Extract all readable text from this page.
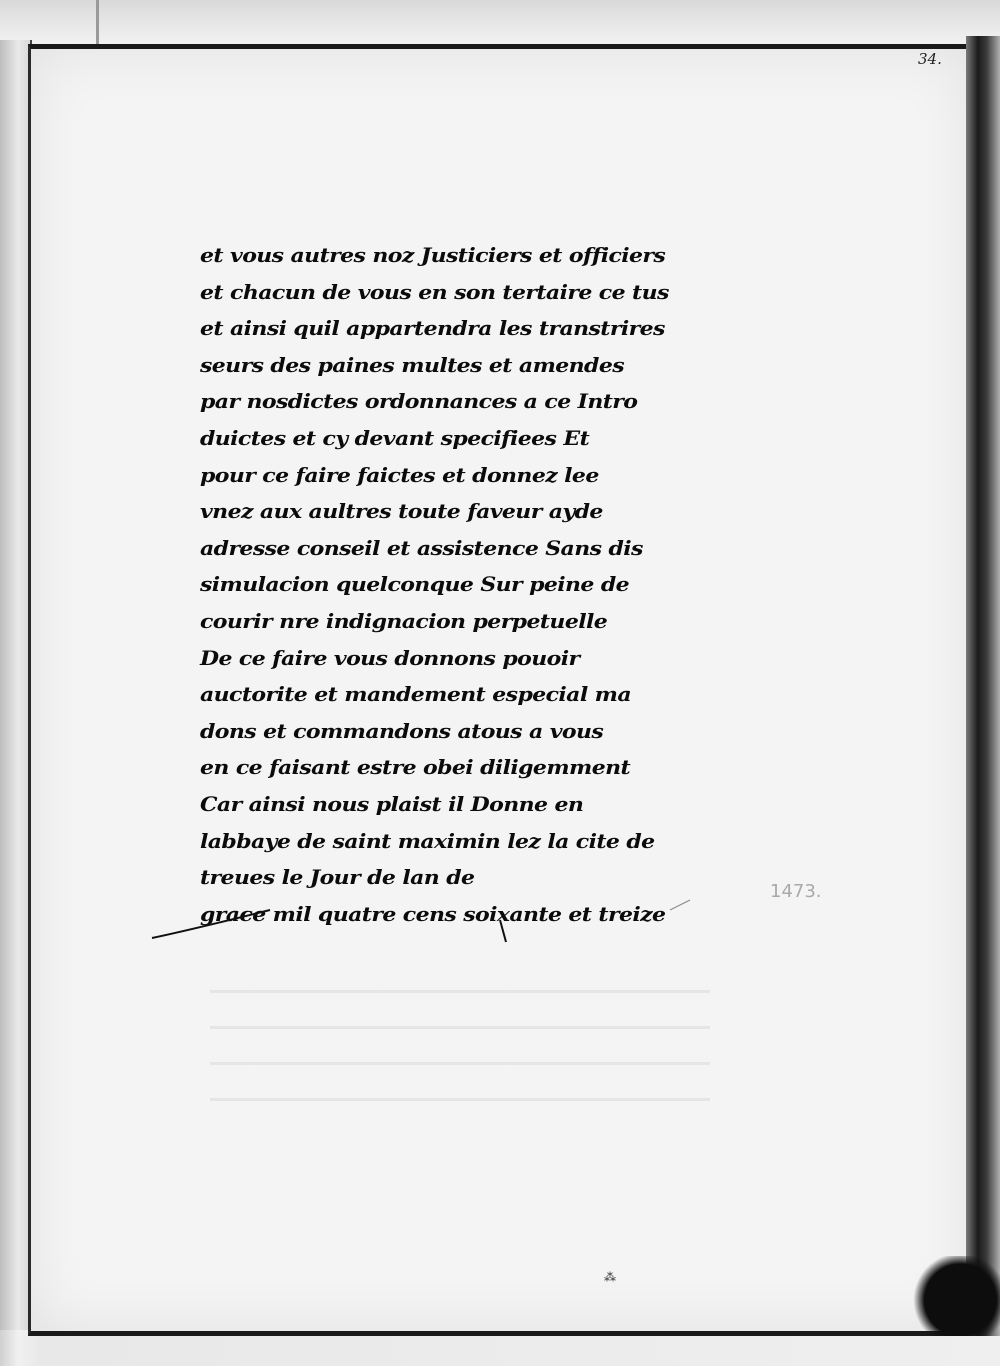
34.
et vous autres noz Justiciers et officiers
et chacun de vous en son tertaire ce tus
et ainsi quil appartendra les transtrires
seurs des paines multes et amendes
par nosdictes ordonnances a ce Intro
duictes et cy devant specifiees Et
pour ce faire faictes et donnez lee
vnez aux aultres toute faveur ayde
adresse conseil et assistence Sans dis
simulacion quelconque Sur peine de
courir nre indignacion perpetuelle
De ce faire vous donnons pouoir
auctorite et mandement especial ma
dons et commandons atous a vous
en ce faisant estre obei diligemment
Car ainsi nous plaist il Donne en
labbaye de saint maximin lez la cite de
treues le Jour de lan de
grace mil quatre cens soixante et treize
1473.
⁂
